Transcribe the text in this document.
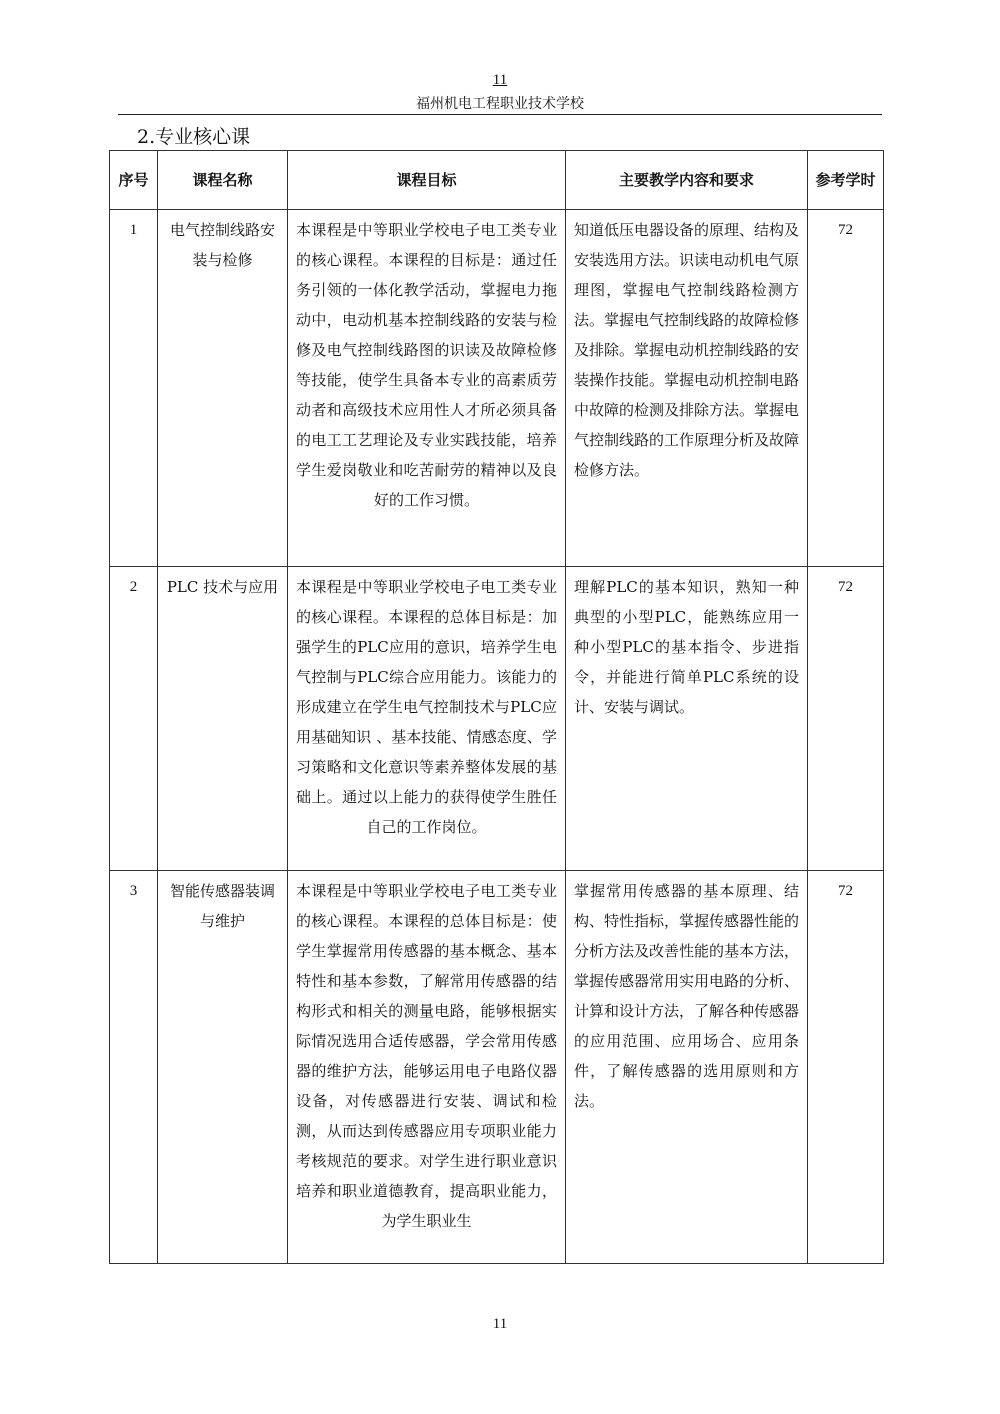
11
福州机电工程职业技术学校
2.专业核心课
序号	课程名称	课程目标	主要教学内容和要求	参考学时
1	电气控制线路安装与检修	本课程是中等职业学校电子电工类专业的核心课程。本课程的目标是：通过任务引领的一体化教学活动，掌握电力拖动中，电动机基本控制线路的安装与检修及电气控制线路图的识读及故障检修等技能，使学生具备本专业的高素质劳动者和高级技术应用性人才所必须具备的电工工艺理论及专业实践技能，培养学生爱岗敬业和吃苦耐劳的精神以及良好的工作习惯。	知道低压电器设备的原理、结构及安装选用方法。识读电动机电气原理图，掌握电气控制线路检测方法。掌握电气控制线路的故障检修及排除。掌握电动机控制线路的安装操作技能。掌握电动机控制电路中故障的检测及排除方法。掌握电气控制线路的工作原理分析及故障检修方法。	72
2	PLC 技术与应用	本课程是中等职业学校电子电工类专业的核心课程。本课程的总体目标是：加强学生的PLC应用的意识，培养学生电气控制与PLC综合应用能力。该能力的形成建立在学生电气控制技术与PLC应用基础知识 、基本技能、情感态度、学习策略和文化意识等素养整体发展的基础上。通过以上能力的获得使学生胜任自己的工作岗位。	理解PLC的基本知识，熟知一种典型的小型PLC，能熟练应用一种小型PLC的基本指令、步进指令，并能进行简单PLC系统的设计、安装与调试。	72
3	智能传感器装调与维护	本课程是中等职业学校电子电工类专业的核心课程。本课程的总体目标是：使学生掌握常用传感器的基本概念、基本特性和基本参数，了解常用传感器的结构形式和相关的测量电路，能够根据实际情况选用合适传感器，学会常用传感器的维护方法，能够运用电子电路仪器设备，对传感器进行安装、调试和检测，从而达到传感器应用专项职业能力考核规范的要求。对学生进行职业意识培养和职业道德教育，提高职业能力，为学生职业生	掌握常用传感器的基本原理、结构、特性指标，掌握传感器性能的分析方法及改善性能的基本方法，掌握传感器常用实用电路的分析、计算和设计方法，了解各种传感器的应用范围、应用场合、应用条件，了解传感器的选用原则和方法。	72
11
